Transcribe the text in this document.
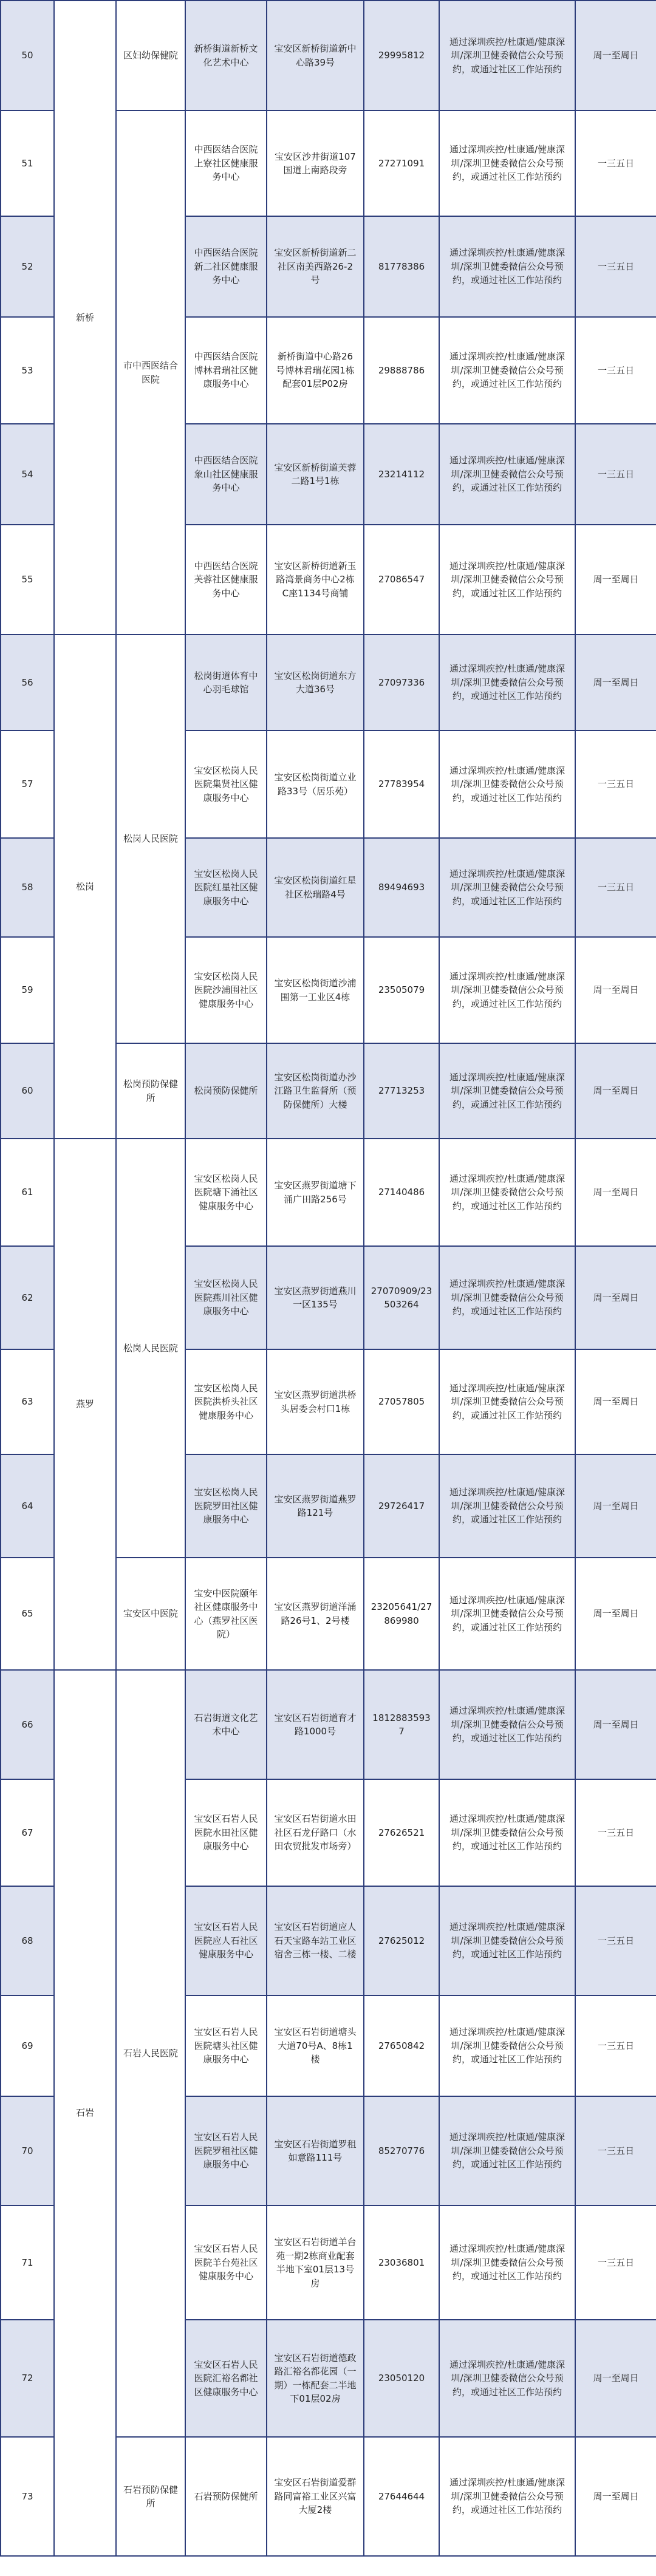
50	新桥	区妇幼保健院	新桥街道新桥文化艺术中心	宝安区新桥街道新中心路39号	29995812	通过深圳疾控/杜康通/健康深圳/深圳卫健委微信公众号预约，或通过社区工作站预约	周一至周日
51		市中西医结合医院	中西医结合医院上寮社区健康服务中心	宝安区沙井街道107国道上南路段旁	27271091	通过深圳疾控/杜康通/健康深圳/深圳卫健委微信公众号预约，或通过社区工作站预约	一三五日
52			中西医结合医院新二社区健康服务中心	宝安区新桥街道新二社区南美西路26-2号	81778386	通过深圳疾控/杜康通/健康深圳/深圳卫健委微信公众号预约，或通过社区工作站预约	一三五日
53			中西医结合医院博林君瑞社区健康服务中心	新桥街道中心路26号博林君瑞花园1栋配套01层P02房	29888786	通过深圳疾控/杜康通/健康深圳/深圳卫健委微信公众号预约，或通过社区工作站预约	一三五日
54			中西医结合医院象山社区健康服务中心	宝安区新桥街道芙蓉二路1号1栋	23214112	通过深圳疾控/杜康通/健康深圳/深圳卫健委微信公众号预约，或通过社区工作站预约	一三五日
55			中西医结合医院芙蓉社区健康服务中心	宝安区新桥街道新玉路湾景商务中心2栋C座1134号商铺	27086547	通过深圳疾控/杜康通/健康深圳/深圳卫健委微信公众号预约，或通过社区工作站预约	周一至周日
56	松岗	松岗人民医院	松岗街道体育中心羽毛球馆	宝安区松岗街道东方大道36号	27097336	通过深圳疾控/杜康通/健康深圳/深圳卫健委微信公众号预约，或通过社区工作站预约	周一至周日
57			宝安区松岗人民医院集贤社区健康服务中心	宝安区松岗街道立业路33号（居乐苑）	27783954	通过深圳疾控/杜康通/健康深圳/深圳卫健委微信公众号预约，或通过社区工作站预约	一三五日
58			宝安区松岗人民医院红星社区健康服务中心	宝安区松岗街道红星社区松瑞路4号	89494693	通过深圳疾控/杜康通/健康深圳/深圳卫健委微信公众号预约，或通过社区工作站预约	一三五日
59			宝安区松岗人民医院沙浦围社区健康服务中心	宝安区松岗街道沙浦围第一工业区4栋	23505079	通过深圳疾控/杜康通/健康深圳/深圳卫健委微信公众号预约，或通过社区工作站预约	周一至周日
60		松岗预防保健所	松岗预防保健所	宝安区松岗街道办沙江路卫生监督所（预防保健所）大楼	27713253	通过深圳疾控/杜康通/健康深圳/深圳卫健委微信公众号预约，或通过社区工作站预约	周一至周日
61	燕罗	松岗人民医院	宝安区松岗人民医院塘下涌社区健康服务中心	宝安区燕罗街道塘下涌广田路256号	27140486	通过深圳疾控/杜康通/健康深圳/深圳卫健委微信公众号预约，或通过社区工作站预约	周一至周日
62			宝安区松岗人民医院燕川社区健康服务中心	宝安区燕罗街道燕川一区135号	27070909/23503264	通过深圳疾控/杜康通/健康深圳/深圳卫健委微信公众号预约，或通过社区工作站预约	周一至周日
63			宝安区松岗人民医院洪桥头社区健康服务中心	宝安区燕罗街道洪桥头居委会村口1栋	27057805	通过深圳疾控/杜康通/健康深圳/深圳卫健委微信公众号预约，或通过社区工作站预约	周一至周日
64			宝安区松岗人民医院罗田社区健康服务中心	宝安区燕罗街道燕罗路121号	29726417	通过深圳疾控/杜康通/健康深圳/深圳卫健委微信公众号预约，或通过社区工作站预约	周一至周日
65		宝安区中医院	宝安中医院颐年社区健康服务中心（燕罗社区医院）	宝安区燕罗街道洋涌路26号1、2号楼	23205641/27869980	通过深圳疾控/杜康通/健康深圳/深圳卫健委微信公众号预约，或通过社区工作站预约	周一至周日
66	石岩	石岩人民医院	石岩街道文化艺术中心	宝安区石岩街道育才路1000号	18128835937	通过深圳疾控/杜康通/健康深圳/深圳卫健委微信公众号预约，或通过社区工作站预约	周一至周日
67			宝安区石岩人民医院水田社区健康服务中心	宝安区石岩街道水田社区石龙仔路口（水田农贸批发市场旁）	27626521	通过深圳疾控/杜康通/健康深圳/深圳卫健委微信公众号预约，或通过社区工作站预约	一三五日
68			宝安区石岩人民医院应人石社区健康服务中心	宝安区石岩街道应人石天宝路车站工业区宿舍三栋一楼、二楼	27625012	通过深圳疾控/杜康通/健康深圳/深圳卫健委微信公众号预约，或通过社区工作站预约	一三五日
69			宝安区石岩人民医院塘头社区健康服务中心	宝安区石岩街道塘头大道70号A、8栋1楼	27650842	通过深圳疾控/杜康通/健康深圳/深圳卫健委微信公众号预约，或通过社区工作站预约	一三五日
70			宝安区石岩人民医院罗租社区健康服务中心	宝安区石岩街道罗租如意路111号	85270776	通过深圳疾控/杜康通/健康深圳/深圳卫健委微信公众号预约，或通过社区工作站预约	一三五日
71			宝安区石岩人民医院羊台苑社区健康服务中心	宝安区石岩街道羊台苑一期2栋商业配套半地下室01层13号房	23036801	通过深圳疾控/杜康通/健康深圳/深圳卫健委微信公众号预约，或通过社区工作站预约	一三五日
72			宝安区石岩人民医院汇裕名都社区健康服务中心	宝安区石岩街道德政路汇裕名都花园（一期）一栋配套二半地下01层02房	23050120	通过深圳疾控/杜康通/健康深圳/深圳卫健委微信公众号预约，或通过社区工作站预约	周一至周日
73		石岩预防保健所	石岩预防保健所	宝安区石岩街道爱群路同富裕工业区兴富大厦2楼	27644644	通过深圳疾控/杜康通/健康深圳/深圳卫健委微信公众号预约，或通过社区工作站预约	周一至周日
